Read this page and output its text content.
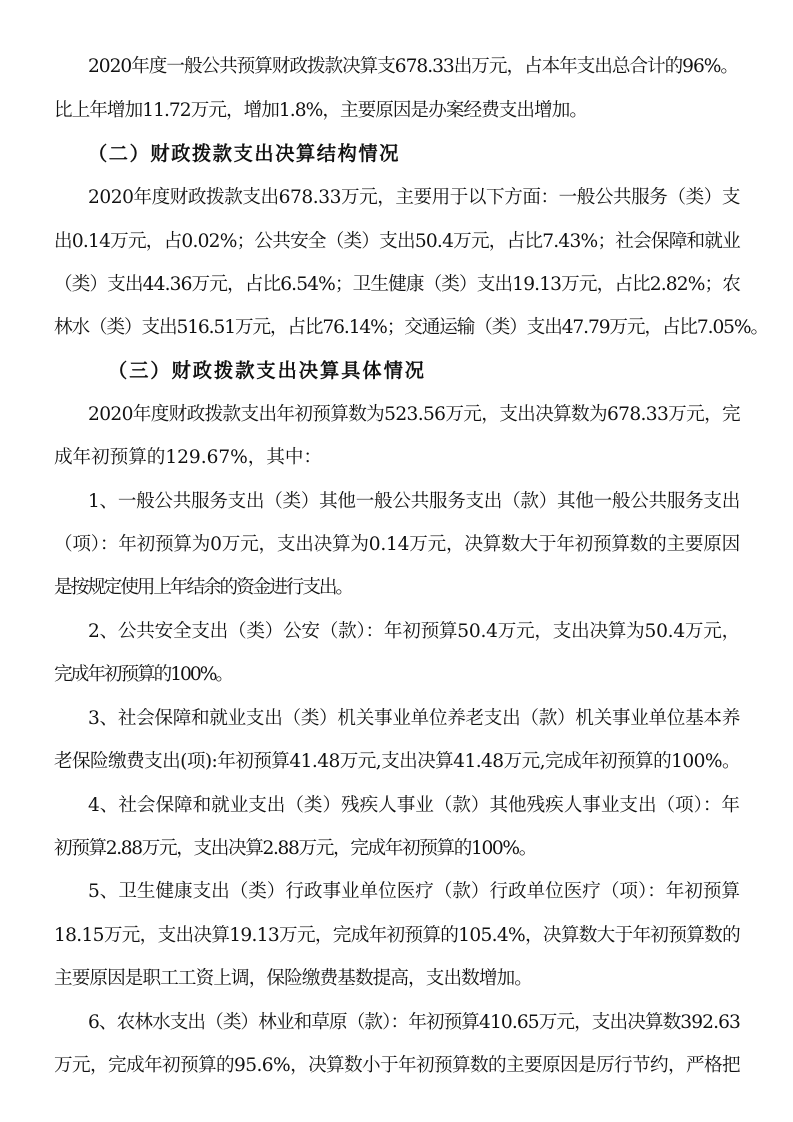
2020年度一般公共预算财政拨款决算支678.33出万元，占本年支出总合计的96%。
比上年增加11.72万元，增加1.8%，主要原因是办案经费支出增加。
（二）财政拨款支出决算结构情况
2020年度财政拨款支出678.33万元，主要用于以下方面：一般公共服务（类）支
出0.14万元，占0.02%；公共安全（类）支出50.4万元，占比7.43%；社会保障和就业
（类）支出44.36万元，占比6.54%；卫生健康（类）支出19.13万元，占比2.82%；农
林水（类）支出516.51万元，占比76.14%；交通运输（类）支出47.79万元，占比7.05%。
（三）财政拨款支出决算具体情况
2020年度财政拨款支出年初预算数为523.56万元，支出决算数为678.33万元，完
成年初预算的129.67%，其中：
1、一般公共服务支出（类）其他一般公共服务支出（款）其他一般公共服务支出
（项）：年初预算为0万元，支出决算为0.14万元，决算数大于年初预算数的主要原因
是按规定使用上年结余的资金进行支出。
2、公共安全支出（类）公安（款）：年初预算50.4万元，支出决算为50.4万元，
完成年初预算的100%。
3、社会保障和就业支出（类）机关事业单位养老支出（款）机关事业单位基本养
老保险缴费支出(项):年初预算41.48万元,支出决算41.48万元,完成年初预算的100%。
4、社会保障和就业支出（类）残疾人事业（款）其他残疾人事业支出（项）：年
初预算2.88万元，支出决算2.88万元，完成年初预算的100%。
5、卫生健康支出（类）行政事业单位医疗（款）行政单位医疗（项）：年初预算
18.15万元，支出决算19.13万元，完成年初预算的105.4%，决算数大于年初预算数的
主要原因是职工工资上调，保险缴费基数提高，支出数增加。
6、农林水支出（类）林业和草原（款）：年初预算410.65万元，支出决算数392.63
万元，完成年初预算的95.6%，决算数小于年初预算数的主要原因是厉行节约，严格把
